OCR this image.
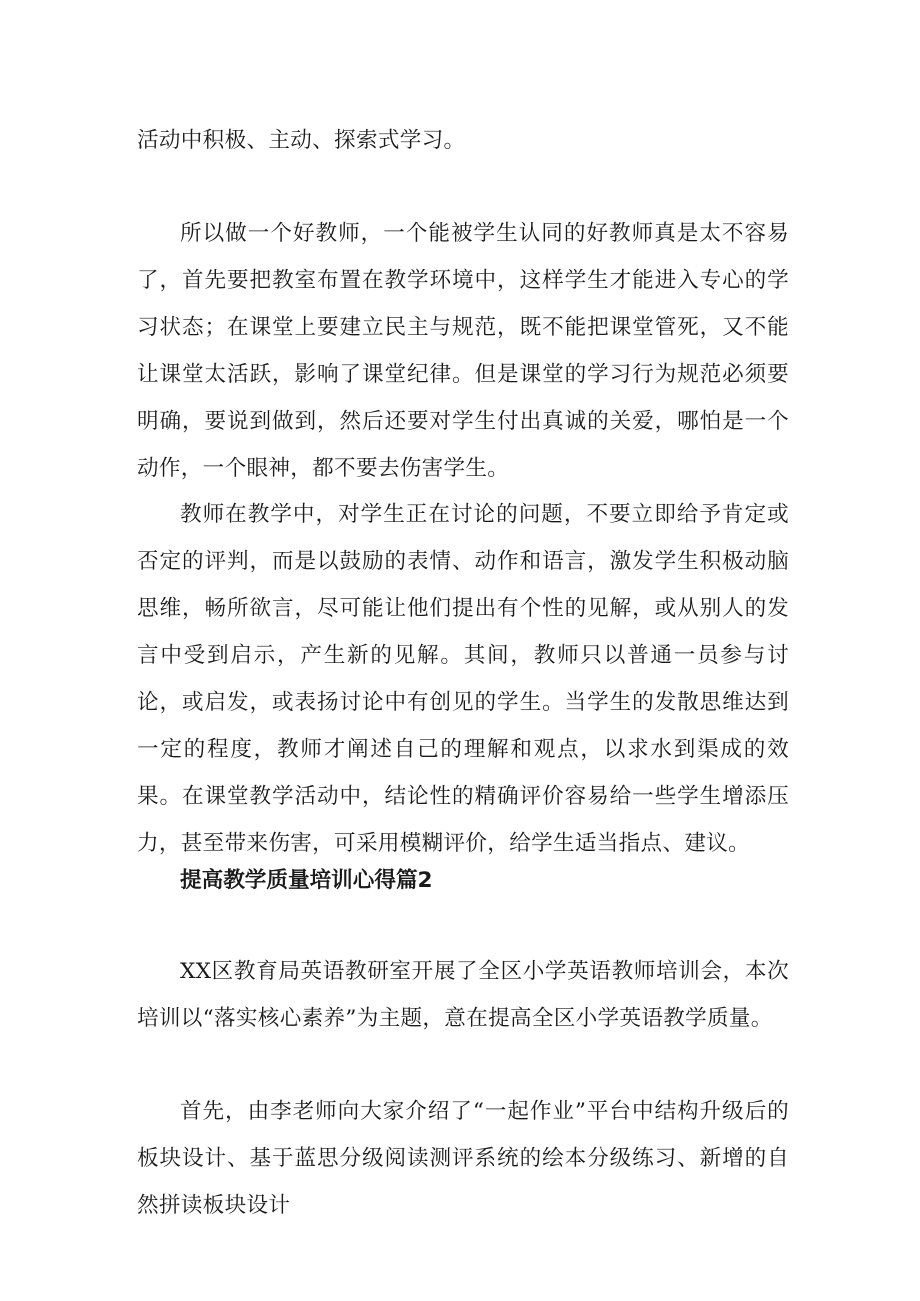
活动中积极、主动、探索式学习。

所以做一个好教师，一个能被学生认同的好教师真是太不容易了，首先要把教室布置在教学环境中，这样学生才能进入专心的学习状态；在课堂上要建立民主与规范，既不能把课堂管死，又不能让课堂太活跃，影响了课堂纪律。但是课堂的学习行为规范必须要明确，要说到做到，然后还要对学生付出真诚的关爱，哪怕是一个动作，一个眼神，都不要去伤害学生。

教师在教学中，对学生正在讨论的问题，不要立即给予肯定或否定的评判，而是以鼓励的表情、动作和语言，激发学生积极动脑思维，畅所欲言，尽可能让他们提出有个性的见解，或从别人的发言中受到启示，产生新的见解。其间，教师只以普通一员参与讨论，或启发，或表扬讨论中有创见的学生。当学生的发散思维达到一定的程度，教师才阐述自己的理解和观点，以求水到渠成的效果。在课堂教学活动中，结论性的精确评价容易给一些学生增添压力，甚至带来伤害，可采用模糊评价，给学生适当指点、建议。

提高教学质量培训心得篇2

XX区教育局英语教研室开展了全区小学英语教师培训会，本次培训以“落实核心素养”为主题，意在提高全区小学英语教学质量。

首先，由李老师向大家介绍了“一起作业”平台中结构升级后的板块设计、基于蓝思分级阅读测评系统的绘本分级练习、新增的自然拼读板块设计
